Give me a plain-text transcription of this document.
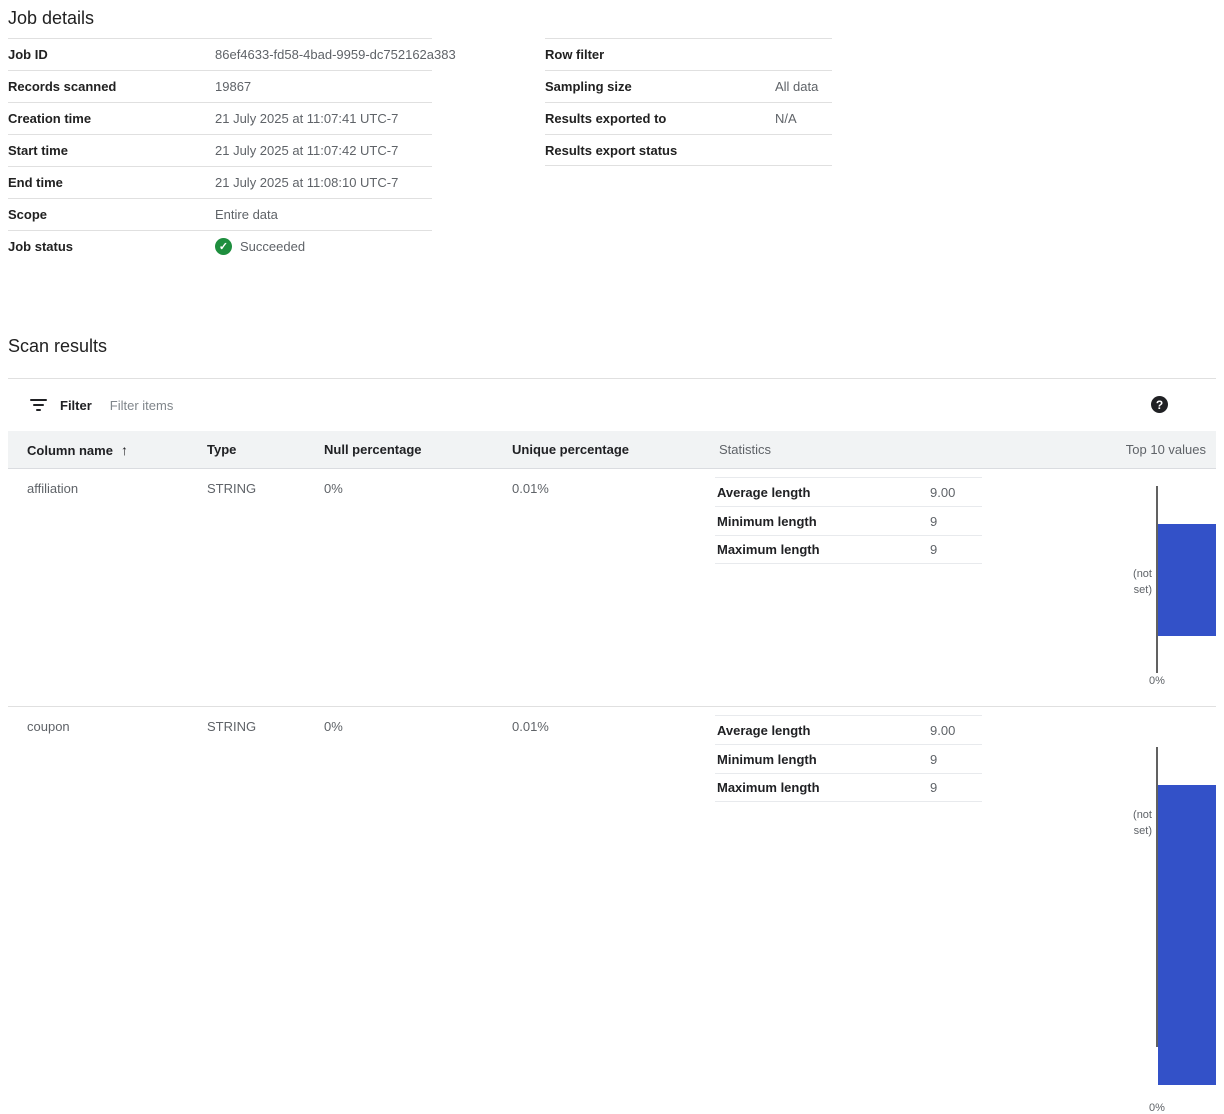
Job details
Job ID	86ef4633-fd58-4bad-9959-dc752162a383
Records scanned	19867
Creation time	21 July 2025 at 11:07:41 UTC-7
Start time	21 July 2025 at 11:07:42 UTC-7
End time	21 July 2025 at 11:08:10 UTC-7
Scope	Entire data
Job status	✓ Succeeded
Row filter
Sampling size	All data
Results exported to	N/A
Results export status
Scan results
Filter
Filter items	?
Column name ↑	Type	Null percentage	Unique percentage	Statistics	Top 10 values
affiliation	STRING	0%	0.01%	Average length	9.00
Minimum length	9
Maximum length	9
(not
set)
0%
coupon	STRING	0%	0.01%	Average length	9.00
Minimum length	9
Maximum length	9
(not
set)
0%
